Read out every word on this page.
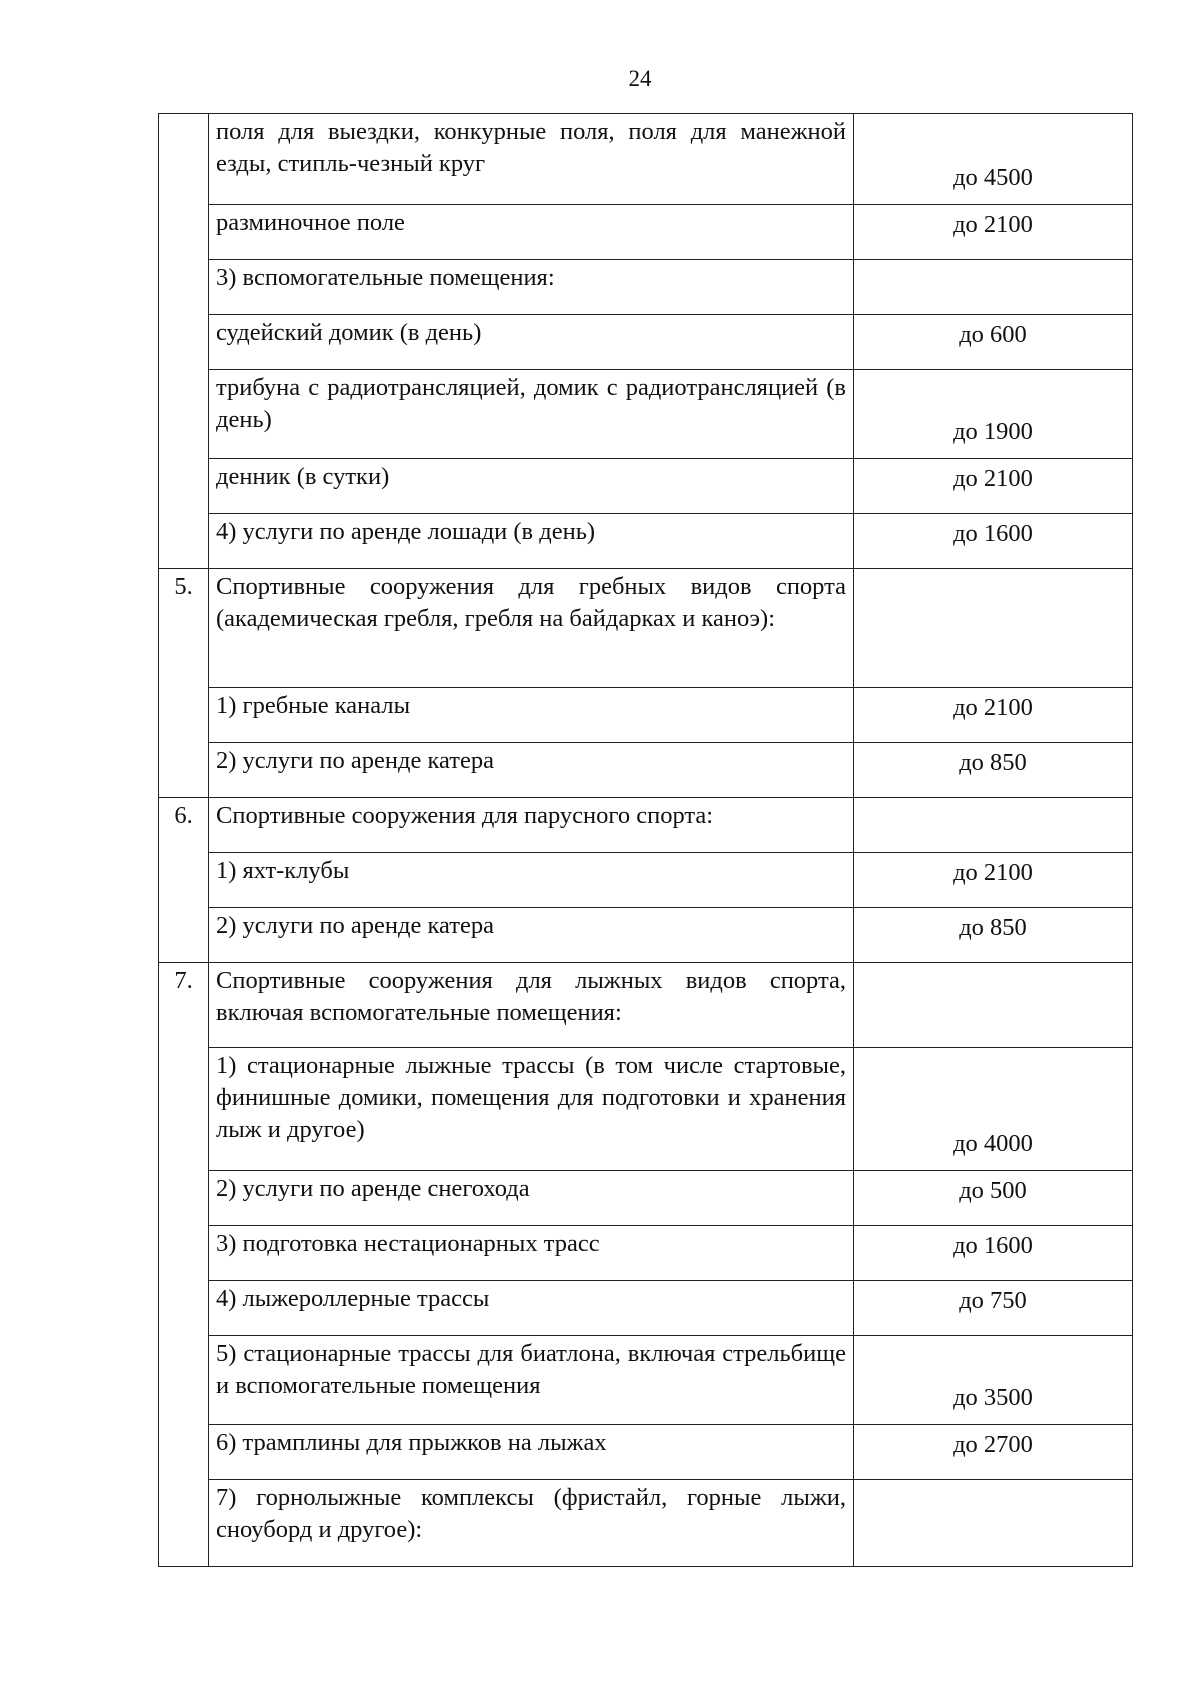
24
	поля для выездки, конкурные поля, поля для манежной езды, стипль-чезный круг	до 4500
	разминочное поле	до 2100
	3) вспомогательные помещения:	
	судейский домик (в день)	до 600
	трибуна с радиотрансляцией, домик с радиотрансляцией (в день)	до 1900
	денник (в сутки)	до 2100
	4) услуги по аренде лошади (в день)	до 1600
5.	Спортивные сооружения для гребных видов спорта (академическая гребля, гребля на байдарках и каноэ):	
	1) гребные каналы	до 2100
	2) услуги по аренде катера	до 850
6.	Спортивные сооружения для парусного спорта:	
	1) яхт-клубы	до 2100
	2) услуги по аренде катера	до 850
7.	Спортивные сооружения для лыжных видов спорта, включая вспомогательные помещения:	
	1) стационарные лыжные трассы (в том числе стартовые, финишные домики, помещения для подготовки и хранения лыж и другое)	до 4000
	2) услуги по аренде снегохода	до 500
	3) подготовка нестационарных трасс	до 1600
	4) лыжероллерные трассы	до 750
	5) стационарные трассы для биатлона, включая стрельбище и вспомогательные помещения	до 3500
	6) трамплины для прыжков на лыжах	до 2700
	7) горнолыжные комплексы (фристайл, горные лыжи, сноуборд и другое):	
